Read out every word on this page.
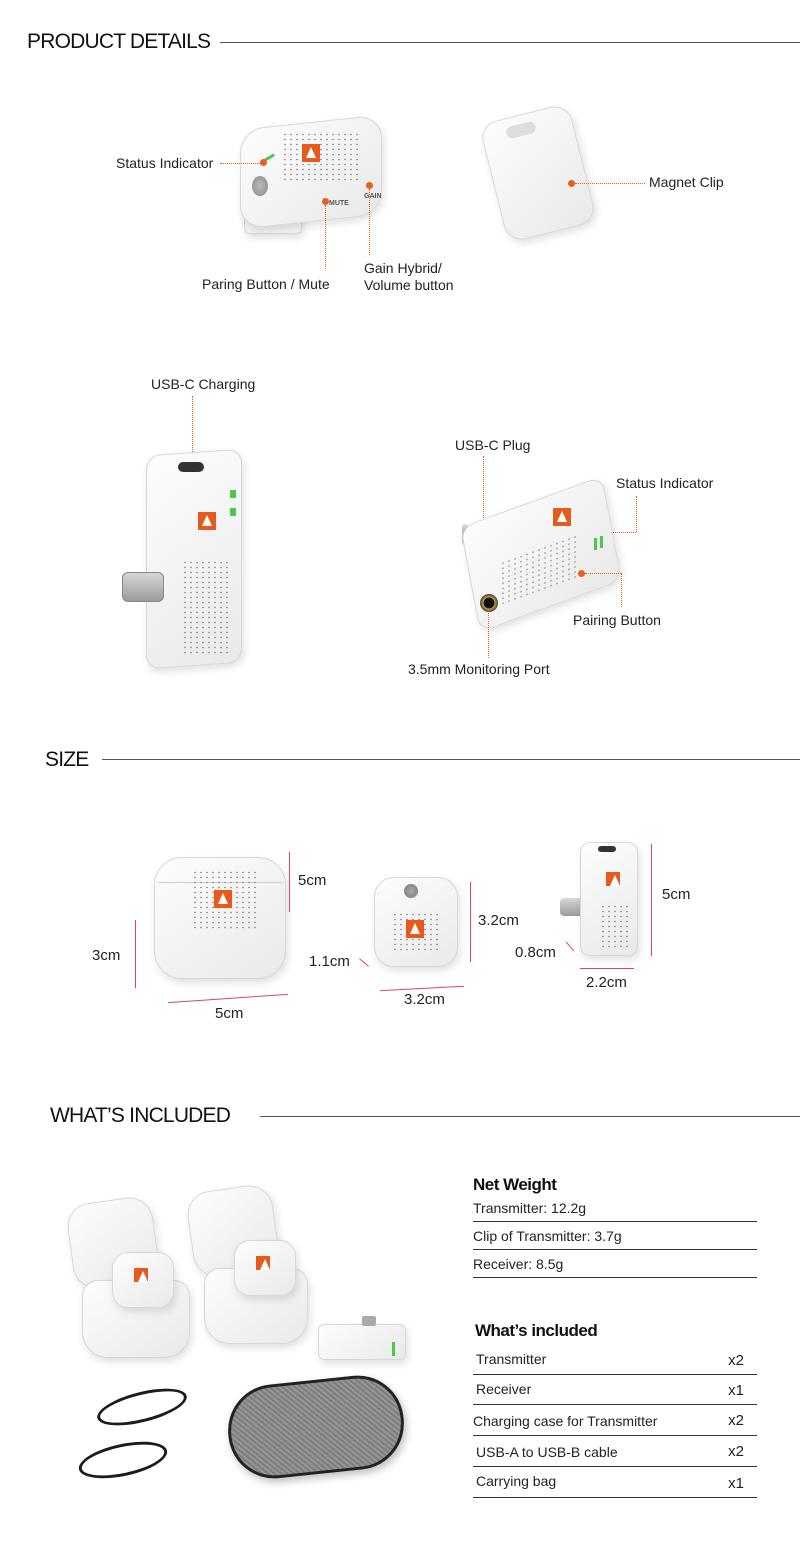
PRODUCT DETAILS
MUTE
GAIN
Status Indicator
Paring Button / Mute
Gain Hybrid/
Volume button
Magnet Clip
USB-C Charging
USB-C Plug
Status Indicator
Pairing Button
3.5mm Monitoring Port
SIZE
5cm
3cm
5cm
3.2cm
1.1cm
3.2cm
5cm
0.8cm
2.2cm
WHAT’S INCLUDED
Net Weight
Transmitter: 12.2g
Clip of Transmitter: 3.7g
Receiver: 8.5g
What’s included
Transmitter	x2
Receiver	x1
Charging case for Transmitter	x2
USB-A to USB-B cable	x2
Carrying bag	x1
